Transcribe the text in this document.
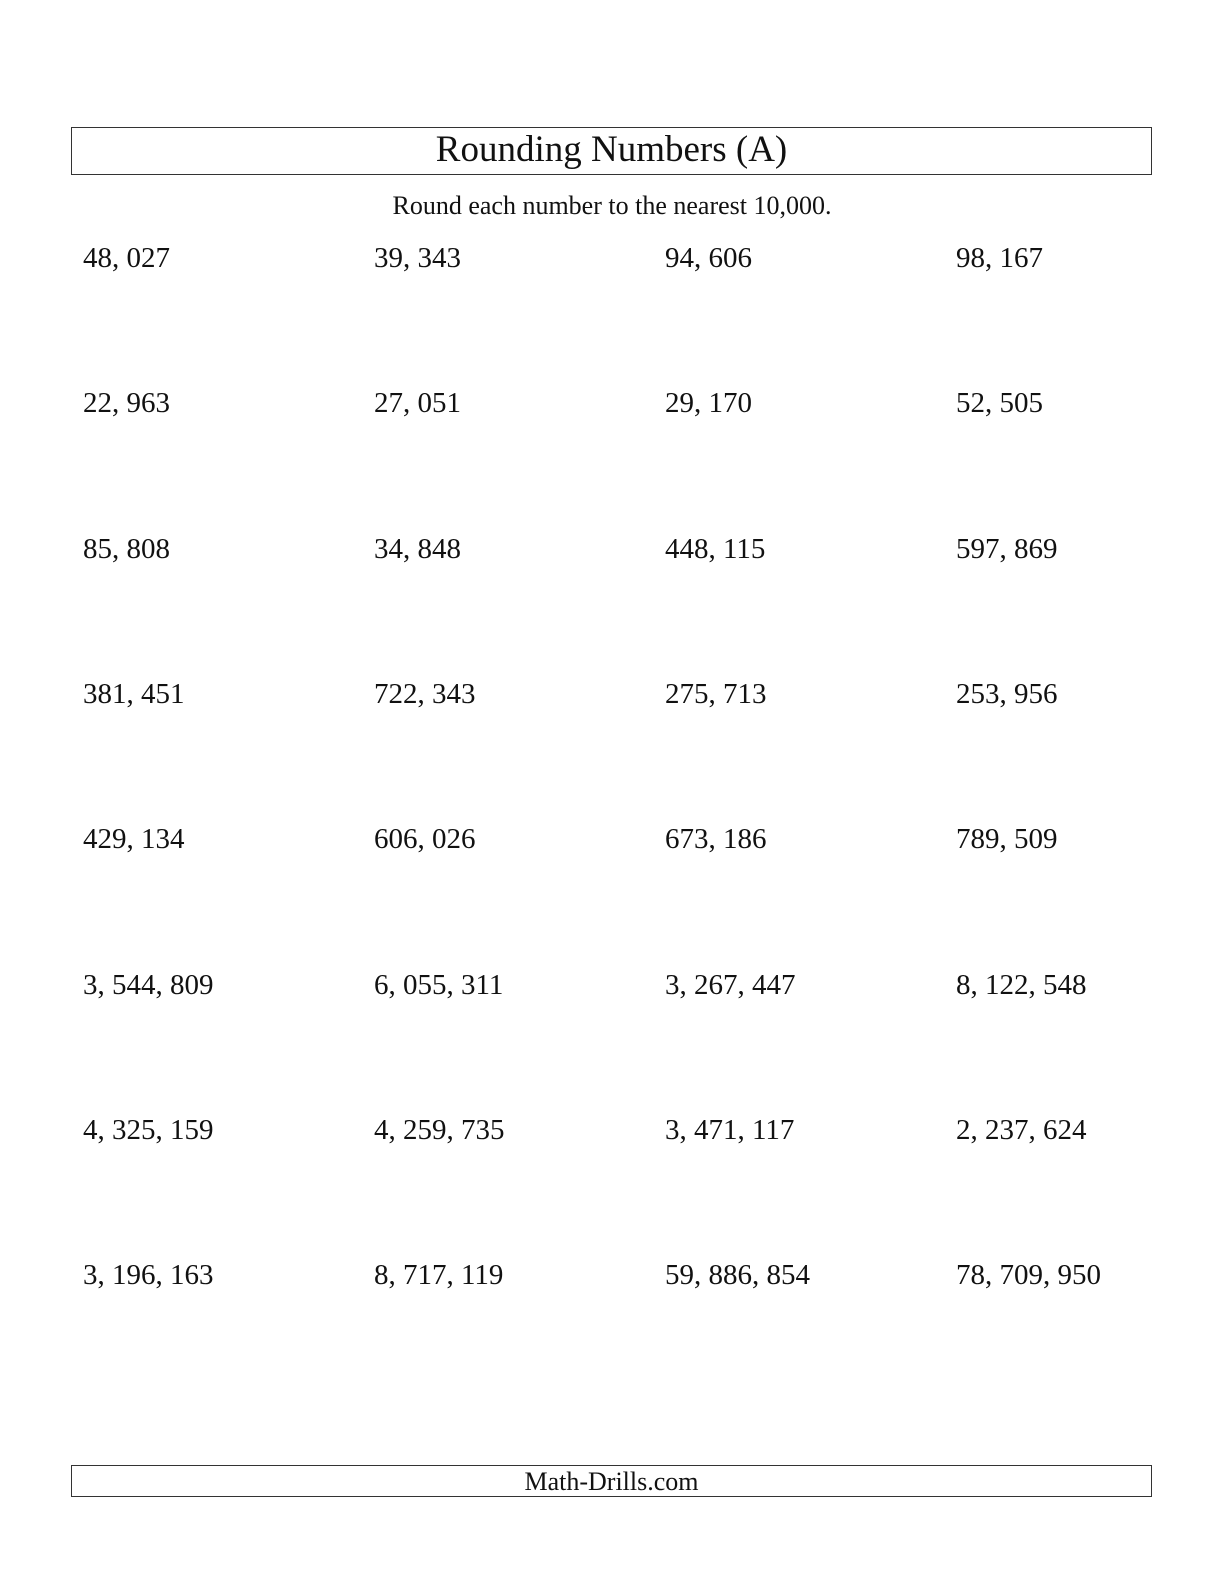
Rounding Numbers (A)
Round each number to the nearest 10,000.
48, 027	39, 343	94, 606	98, 167
22, 963	27, 051	29, 170	52, 505
85, 808	34, 848	448, 115	597, 869
381, 451	722, 343	275, 713	253, 956
429, 134	606, 026	673, 186	789, 509
3, 544, 809	6, 055, 311	3, 267, 447	8, 122, 548
4, 325, 159	4, 259, 735	3, 471, 117	2, 237, 624
3, 196, 163	8, 717, 119	59, 886, 854	78, 709, 950
Math-Drills.com
